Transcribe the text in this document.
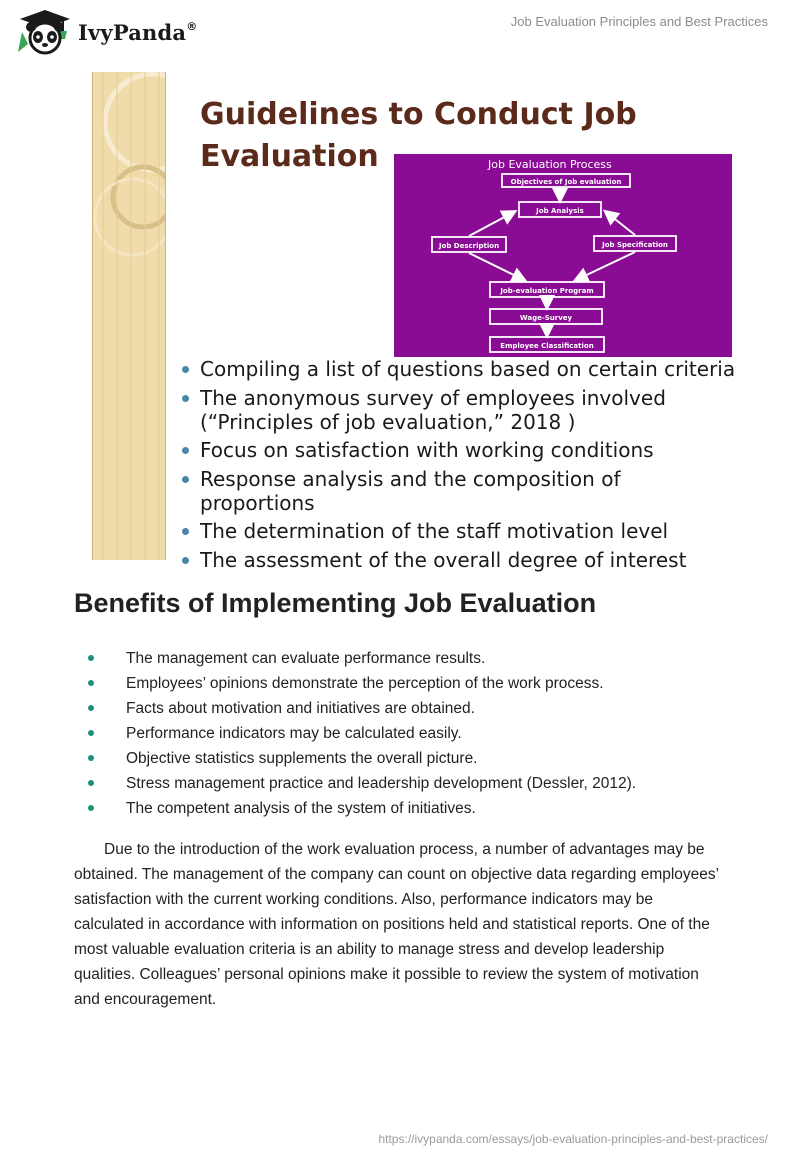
IvyPanda®	Job Evaluation Principles and Best Practices
Guidelines to Conduct Job Evaluation	Job Evaluation Process
Objectives of Job evaluation
Job Analysis
Job Description	Job Specification
Job-evaluation Program
Wage-Survey
Employee Classification
Compiling a list of questions based on certain criteria
The anonymous survey of employees involved (“Principles of job evaluation,” 2018 )
Focus on satisfaction with working conditions
Response analysis and the composition of proportions
The determination of the staff motivation level
The assessment of the overall degree of interest
Benefits of Implementing Job Evaluation
The management can evaluate performance results.
Employees’ opinions demonstrate the perception of the work process.
Facts about motivation and initiatives are obtained.
Performance indicators may be calculated easily.
Objective statistics supplements the overall picture.
Stress management practice and leadership development (Dessler, 2012).
The competent analysis of the system of initiatives.

Due to the introduction of the work evaluation process, a number of advantages may be obtained. The management of the company can count on objective data regarding employees’ satisfaction with the current working conditions. Also, performance indicators may be calculated in accordance with information on positions held and statistical reports. One of the most valuable evaluation criteria is an ability to manage stress and develop leadership qualities. Colleagues’ personal opinions make it possible to review the system of motivation and encouragement.

https://ivypanda.com/essays/job-evaluation-principles-and-best-practices/
